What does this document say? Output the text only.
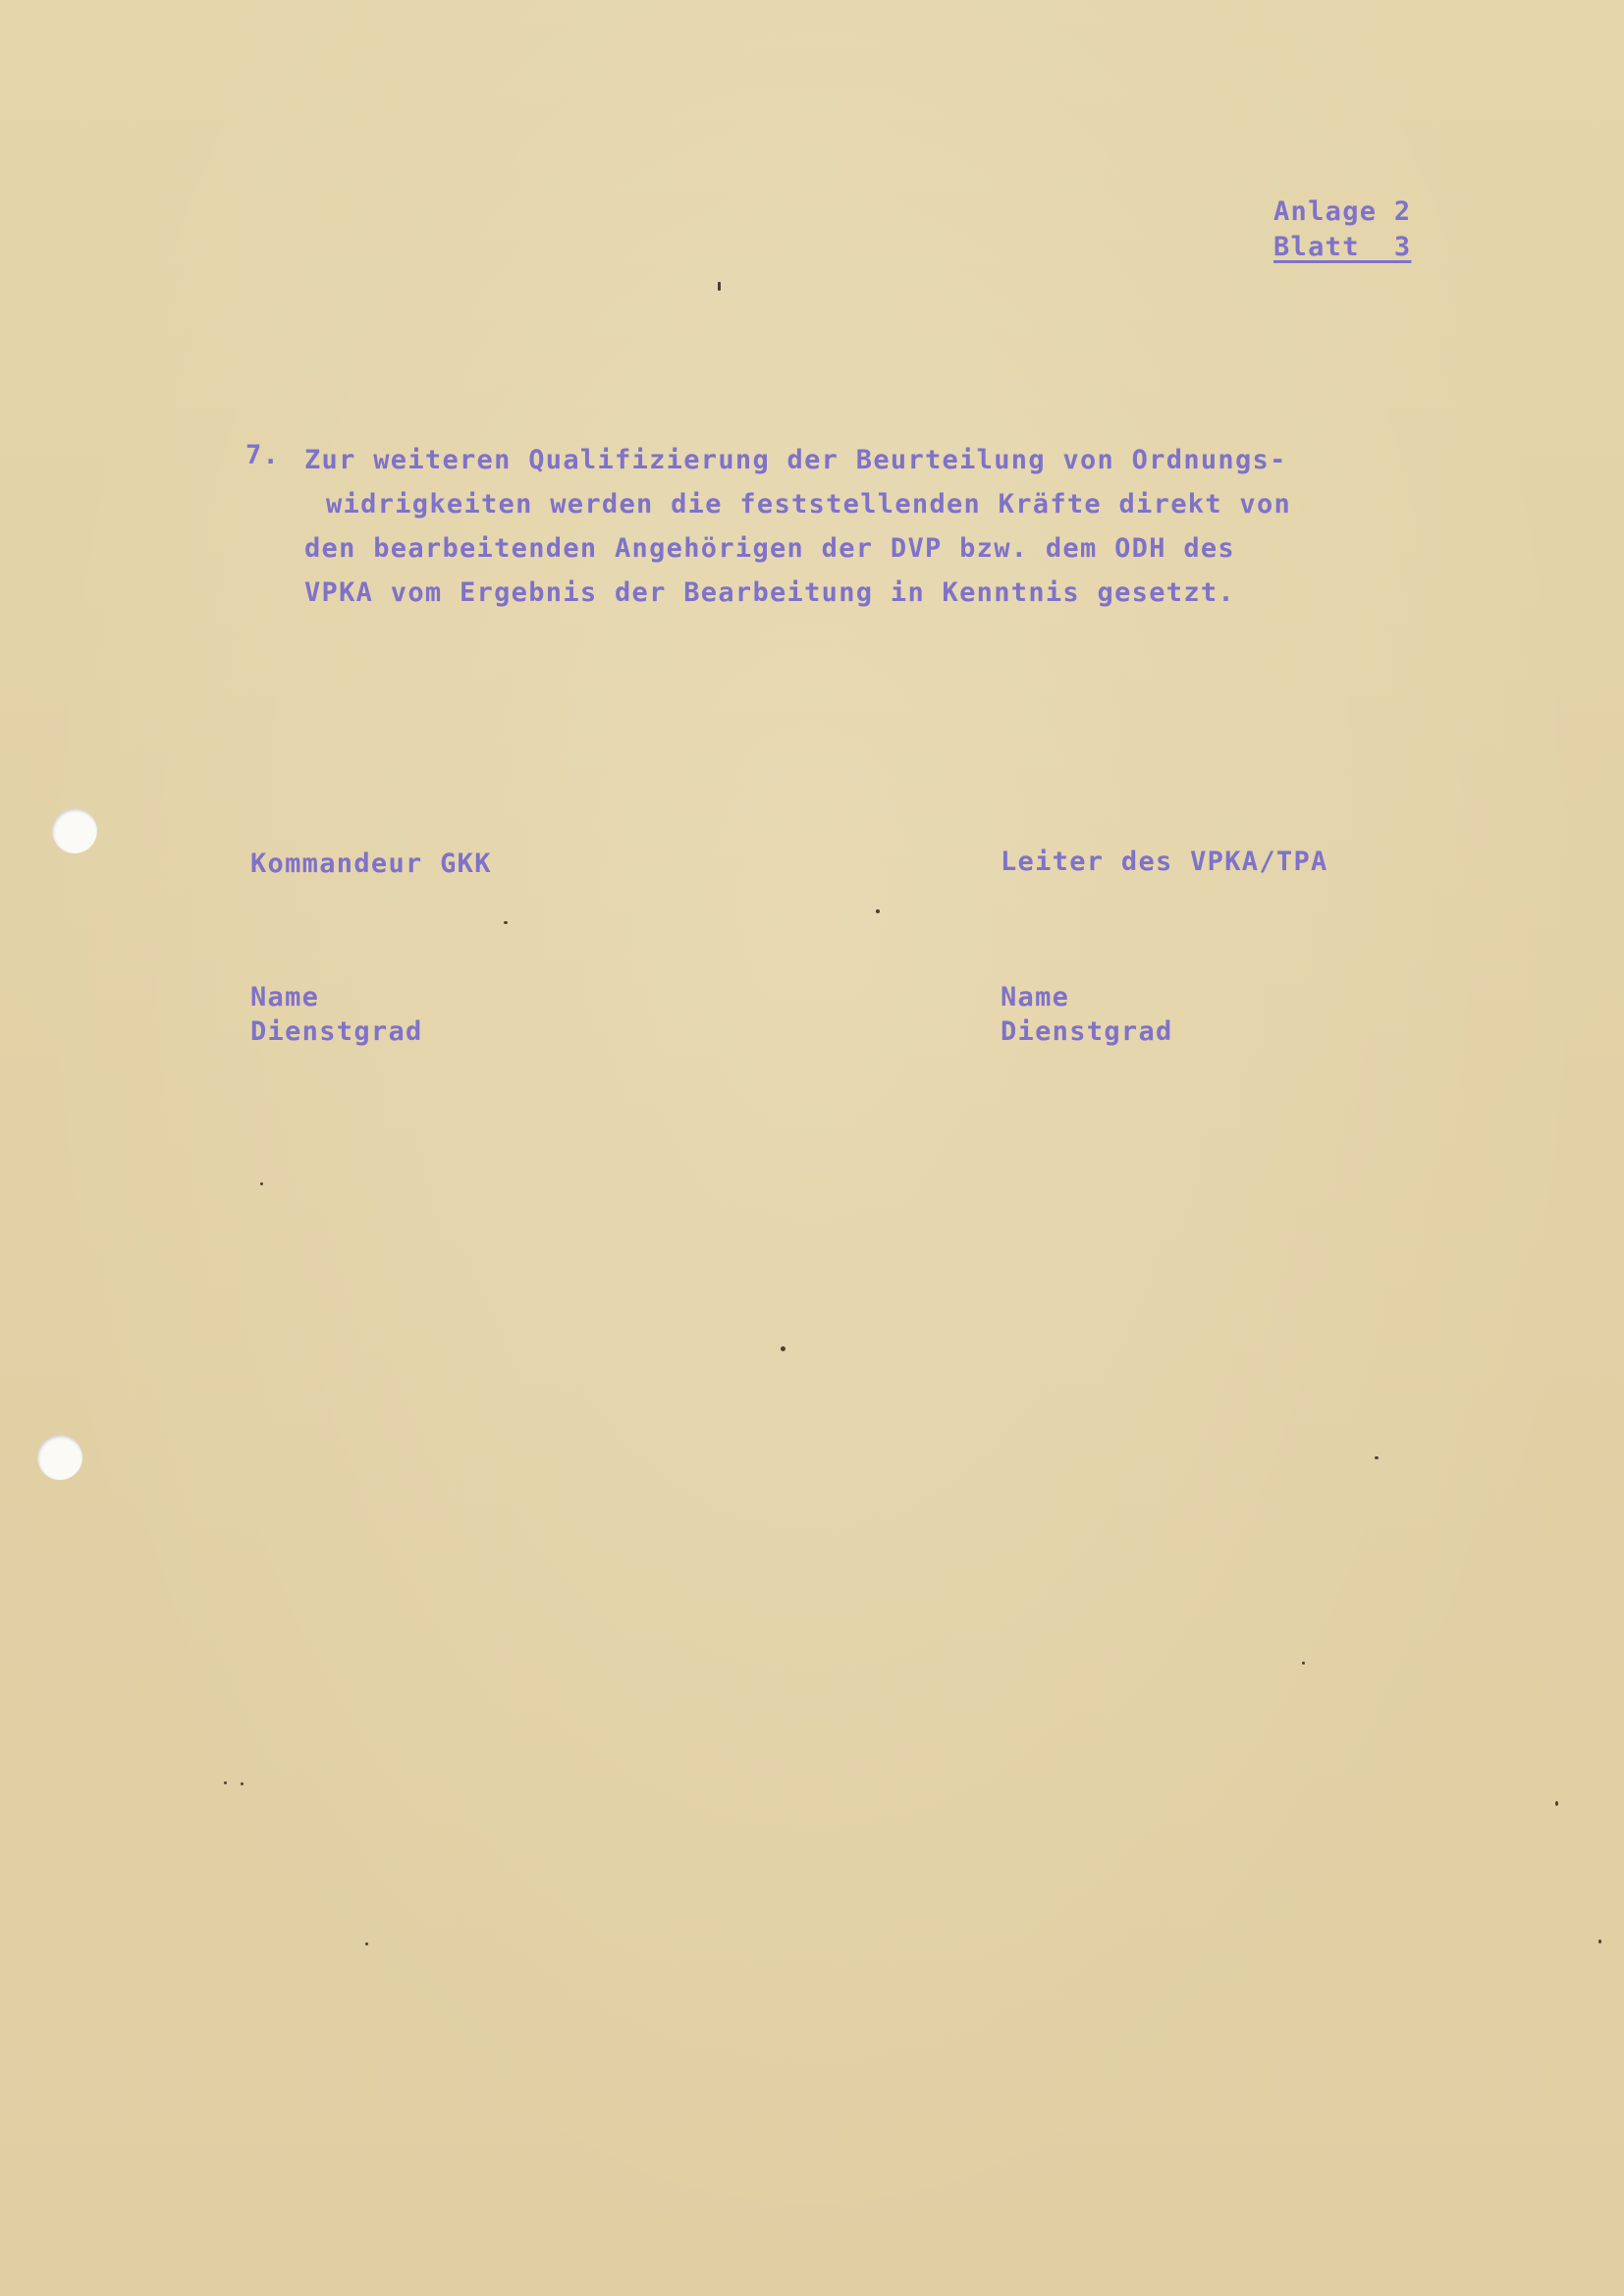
Anlage 2
Blatt  3
7. Zur weiteren Qualifizierung der Beurteilung von Ordnungs-
widrigkeiten werden die feststellenden Kräfte direkt von
den bearbeitenden Angehörigen der DVP bzw. dem ODH des
VPKA vom Ergebnis der Bearbeitung in Kenntnis gesetzt.
Kommandeur GKK
Name
Dienstgrad
Leiter des VPKA/TPA
Name
Dienstgrad
